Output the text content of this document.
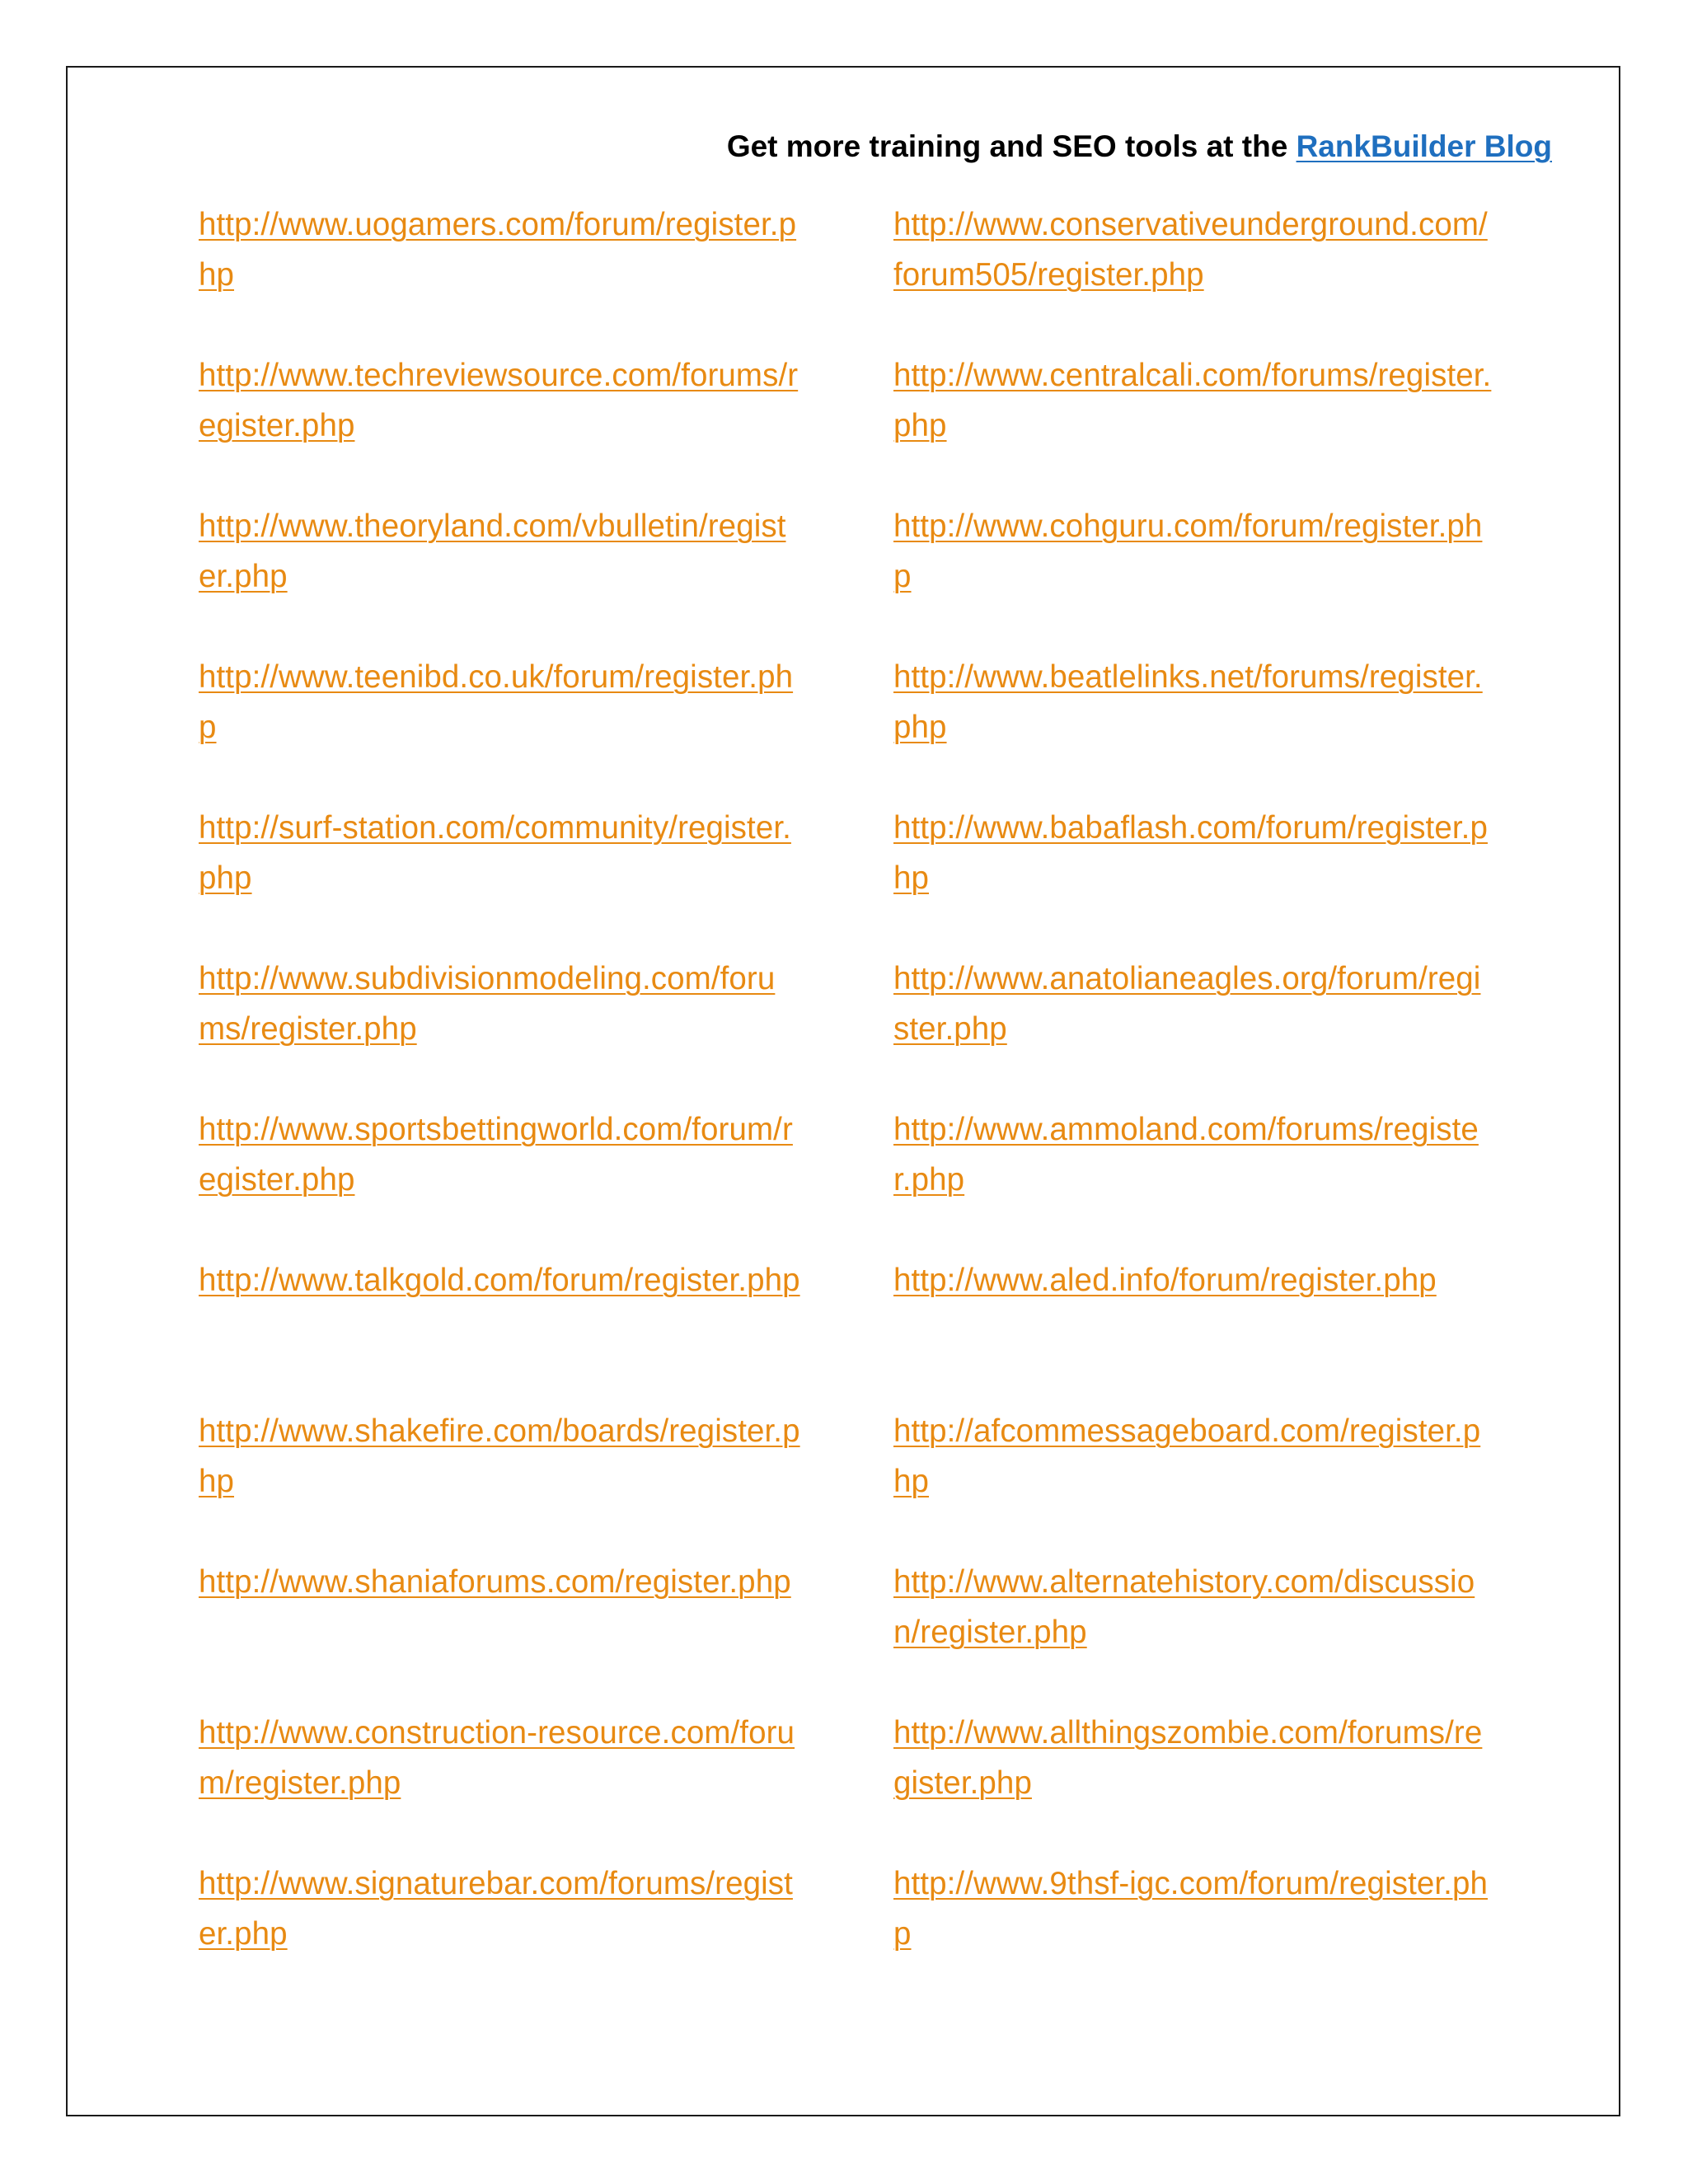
Get more training and SEO tools at the RankBuilder Blog
http://www.uogamers.com/forum/register.php
http://www.techreviewsource.com/forums/register.php
http://www.theoryland.com/vbulletin/register.php
http://www.teenibd.co.uk/forum/register.php
http://surf-station.com/community/register.php
http://www.subdivisionmodeling.com/forums/register.php
http://www.sportsbettingworld.com/forum/register.php
http://www.talkgold.com/forum/register.php
http://www.shakefire.com/boards/register.php
http://www.shaniaforums.com/register.php
http://www.construction-resource.com/forum/register.php
http://www.signaturebar.com/forums/register.php
http://www.conservativeunderground.com/forum505/register.php
http://www.centralcali.com/forums/register.php
http://www.cohguru.com/forum/register.php
http://www.beatlelinks.net/forums/register.php
http://www.babaflash.com/forum/register.php
http://www.anatolianeagles.org/forum/register.php
http://www.ammoland.com/forums/register.php
http://www.aled.info/forum/register.php
http://afcommessageboard.com/register.php
http://www.alternatehistory.com/discussion/register.php
http://www.allthingszombie.com/forums/register.php
http://www.9thsf-igc.com/forum/register.php
